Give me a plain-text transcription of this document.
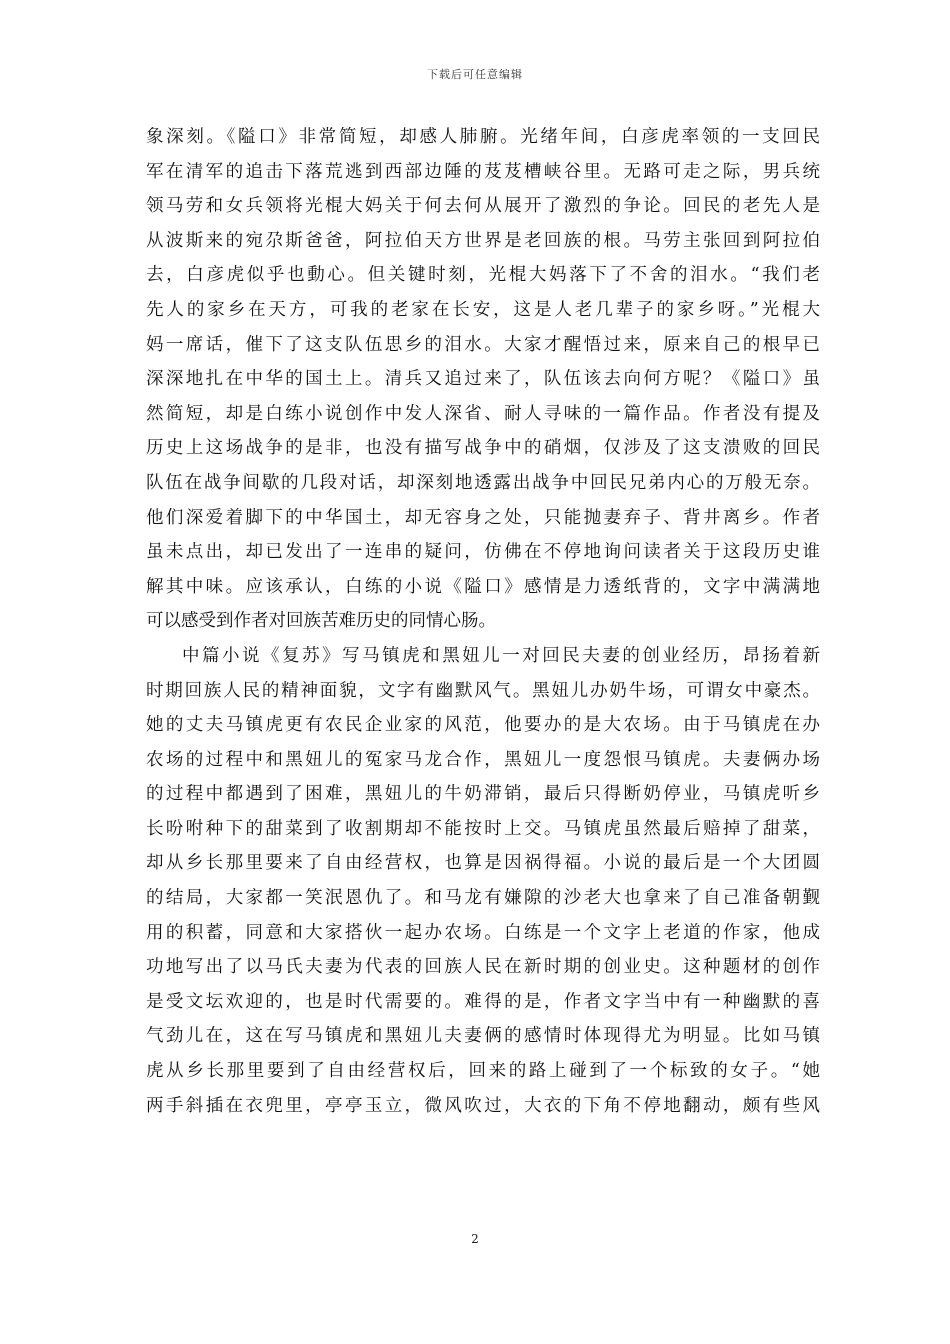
下载后可任意编辑
象深刻。《隘口》非常简短，却感人肺腑。光绪年间，白彦虎率领的一支回民
军在清军的追击下落荒逃到西部边陲的芨芨槽峡谷里。无路可走之际，男兵统
领马劳和女兵领将光棍大妈关于何去何从展开了激烈的争论。回民的老先人是
从波斯来的宛尕斯爸爸，阿拉伯天方世界是老回族的根。马劳主张回到阿拉伯
去，白彦虎似乎也動心。但关键时刻，光棍大妈落下了不舍的泪水。“我们老
先人的家乡在天方，可我的老家在长安，这是人老几辈子的家乡呀。”光棍大
妈一席话，催下了这支队伍思乡的泪水。大家才醒悟过来，原来自己的根早已
深深地扎在中华的国土上。清兵又追过来了，队伍该去向何方呢？《隘口》虽
然简短，却是白练小说创作中发人深省、耐人寻味的一篇作品。作者没有提及
历史上这场战争的是非，也没有描写战争中的硝烟，仅涉及了这支溃败的回民
队伍在战争间歇的几段对话，却深刻地透露出战争中回民兄弟内心的万般无奈。
他们深爱着脚下的中华国土，却无容身之处，只能抛妻弃子、背井离乡。作者
虽未点出，却已发出了一连串的疑问，仿佛在不停地询问读者关于这段历史谁
解其中味。应该承认，白练的小说《隘口》感情是力透纸背的，文字中满满地
可以感受到作者对回族苦难历史的同情心肠。
中篇小说《复苏》写马镇虎和黑妞儿一对回民夫妻的创业经历，昂扬着新
时期回族人民的精神面貌，文字有幽默风气。黑妞儿办奶牛场，可谓女中豪杰。
她的丈夫马镇虎更有农民企业家的风范，他要办的是大农场。由于马镇虎在办
农场的过程中和黑妞儿的冤家马龙合作，黑妞儿一度怨恨马镇虎。夫妻俩办场
的过程中都遇到了困难，黑妞儿的牛奶滞销，最后只得断奶停业，马镇虎听乡
长吩咐种下的甜菜到了收割期却不能按时上交。马镇虎虽然最后赔掉了甜菜，
却从乡长那里要来了自由经营权，也算是因祸得福。小说的最后是一个大团圆
的结局，大家都一笑泯恩仇了。和马龙有嫌隙的沙老大也拿来了自己准备朝觐
用的积蓄，同意和大家搭伙一起办农场。白练是一个文字上老道的作家，他成
功地写出了以马氏夫妻为代表的回族人民在新时期的创业史。这种题材的创作
是受文坛欢迎的，也是时代需要的。难得的是，作者文字当中有一种幽默的喜
气劲儿在，这在写马镇虎和黑妞儿夫妻俩的感情时体现得尤为明显。比如马镇
虎从乡长那里要到了自由经营权后，回来的路上碰到了一个标致的女子。“她
两手斜插在衣兜里，亭亭玉立，微风吹过，大衣的下角不停地翻动，颇有些风
2
